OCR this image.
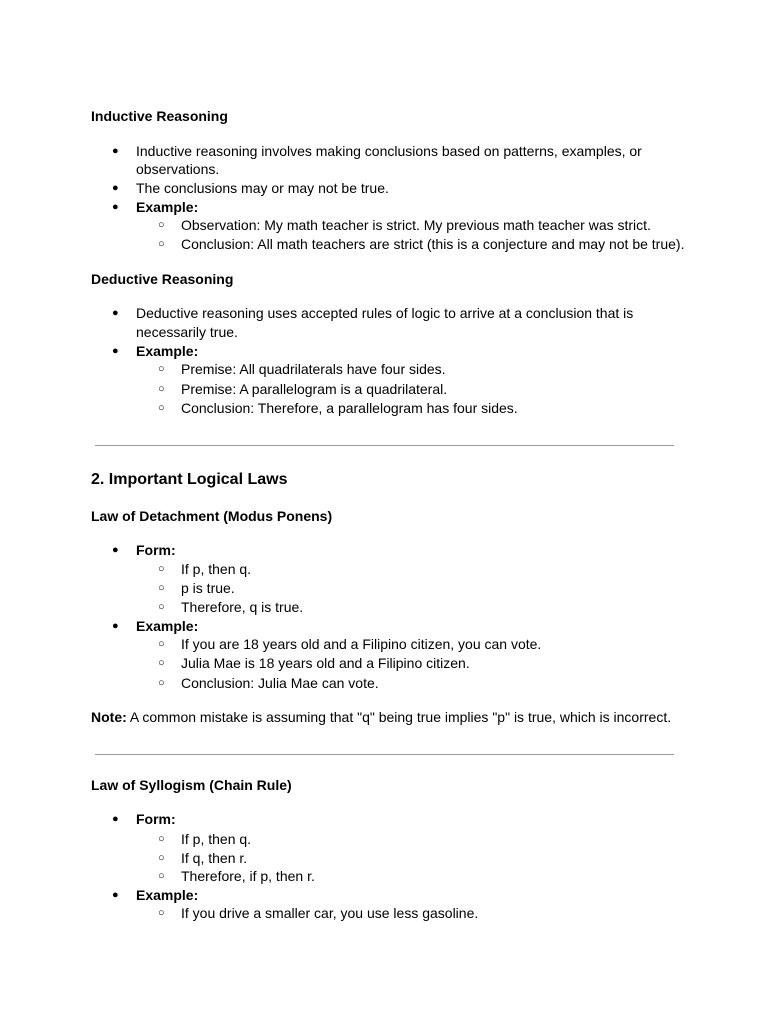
Inductive Reasoning
●	Inductive reasoning involves making conclusions based on patterns, examples, or
observations.
●	The conclusions may or may not be true.
●	Example:
○	Observation: My math teacher is strict. My previous math teacher was strict.
○	Conclusion: All math teachers are strict (this is a conjecture and may not be true).
Deductive Reasoning
●	Deductive reasoning uses accepted rules of logic to arrive at a conclusion that is
necessarily true.
●	Example:
○	Premise: All quadrilaterals have four sides.
○	Premise: A parallelogram is a quadrilateral.
○	Conclusion: Therefore, a parallelogram has four sides.
2. Important Logical Laws
Law of Detachment (Modus Ponens)
●	Form:
○	If p, then q.
○	p is true.
○	Therefore, q is true.
●	Example:
○	If you are 18 years old and a Filipino citizen, you can vote.
○	Julia Mae is 18 years old and a Filipino citizen.
○	Conclusion: Julia Mae can vote.
Note: A common mistake is assuming that "q" being true implies "p" is true, which is incorrect.
Law of Syllogism (Chain Rule)
●	Form:
○	If p, then q.
○	If q, then r.
○	Therefore, if p, then r.
●	Example:
○	If you drive a smaller car, you use less gasoline.
